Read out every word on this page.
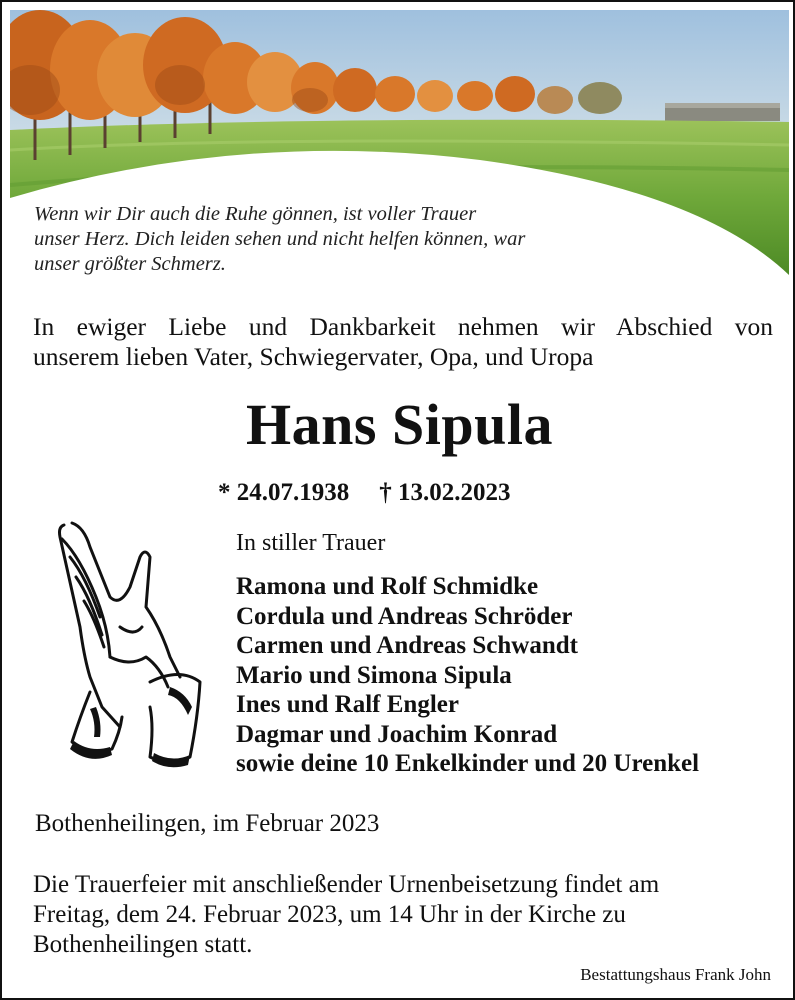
Wenn wir Dir auch die Ruhe gönnen, ist voller Trauer
unser Herz. Dich leiden sehen und nicht helfen können, war
unser größter Schmerz.

In ewiger Liebe und Dankbarkeit nehmen wir Abschied von
unserem lieben Vater, Schwiegervater, Opa, und Uropa

Hans Sipula
* 24.07.1938 † 13.02.2023
In stiller Trauer
Ramona und Rolf Schmidke
Cordula und Andreas Schröder
Carmen und Andreas Schwandt
Mario und Simona Sipula
Ines und Ralf Engler
Dagmar und Joachim Konrad
sowie deine 10 Enkelkinder und 20 Urenkel
Bothenheilingen, im Februar 2023

Die Trauerfeier mit anschließender Urnenbeisetzung findet am
Freitag, dem 24. Februar 2023, um 14 Uhr in der Kirche zu
Bothenheilingen statt.

Bestattungshaus Frank John
